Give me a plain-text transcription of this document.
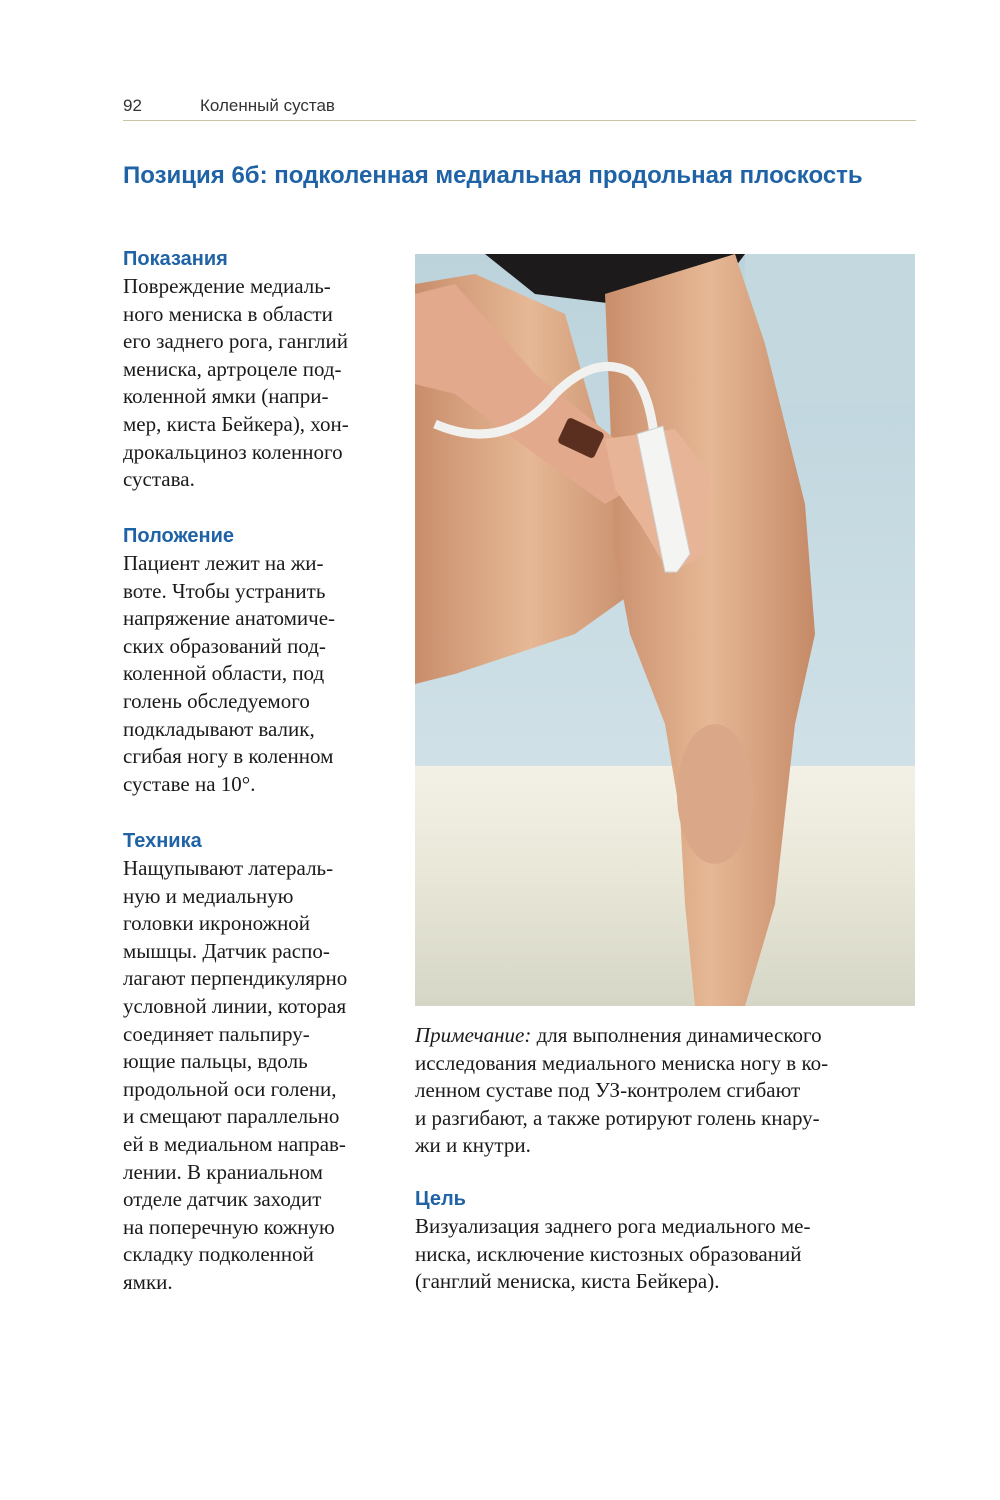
92	Коленный сустав
Позиция 6б: подколенная медиальная продольная плоскость
Показания
Повреждение медиаль-
ного мениска в области
его заднего рога, ганглий
мениска, артроцеле под-
коленной ямки (напри-
мер, киста Бейкера), хон-
дрокальциноз коленного
сустава.
Положение
Пациент лежит на жи-
воте. Чтобы устранить
напряжение анатомиче-
ских образований под-
коленной области, под
голень обследуемого
подкладывают валик,
сгибая ногу в коленном
суставе на 10°.
Техника
Нащупывают латераль-
ную и медиальную
головки икроножной
мышцы. Датчик распо-
лагают перпендикулярно
условной линии, которая
соединяет пальпиру-
ющие пальцы, вдоль
продольной оси голени,
и смещают параллельно
ей в медиальном направ-
лении. В краниальном
отделе датчик заходит
на поперечную кожную
складку подколенной
ямки.
Примечание: для выполнения динамического
исследования медиального мениска ногу в ко-
ленном суставе под УЗ-контролем сгибают
и разгибают, а также ротируют голень кнару-
жи и кнутри.
Цель
Визуализация заднего рога медиального ме-
ниска, исключение кистозных образований
(ганглий мениска, киста Бейкера).
